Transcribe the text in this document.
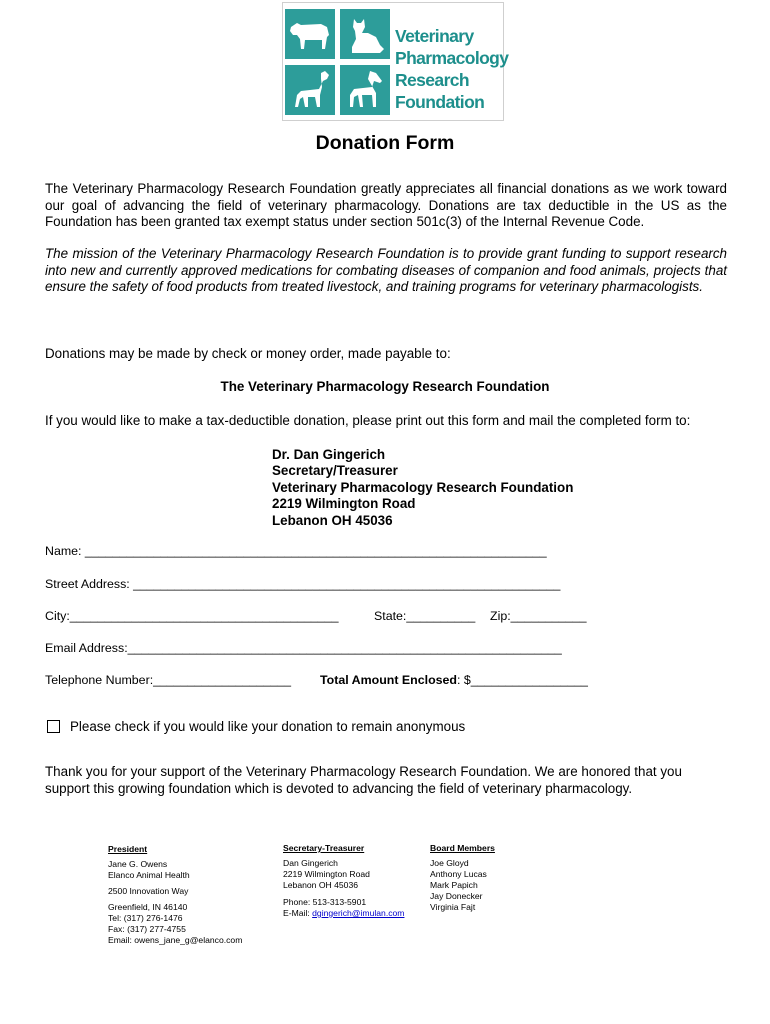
Veterinary
Pharmacology
Research
Foundation
Donation Form
The Veterinary Pharmacology Research Foundation greatly appreciates all financial donations as we work toward our goal of advancing the field of veterinary pharmacology. Donations are tax deductible in the US as the Foundation has been granted tax exempt status under section 501c(3) of the Internal Revenue Code.
The mission of the Veterinary Pharmacology Research Foundation is to provide grant funding to support research into new and currently approved medications for combating diseases of companion and food animals, projects that ensure the safety of food products from treated livestock, and training programs for veterinary pharmacologists.
Donations may be made by check or money order, made payable to:
The Veterinary Pharmacology Research Foundation
If you would like to make a tax-deductible donation, please print out this form and mail the completed form to:
Dr. Dan Gingerich
Secretary/Treasurer
Veterinary Pharmacology Research Foundation
2219 Wilmington Road
Lebanon OH 45036
Name: ___________________________________________________________________
Street Address: ______________________________________________________________
City:_______________________________________	State:__________ Zip:___________
Email Address:_______________________________________________________________
Telephone Number:____________________ Total Amount Enclosed: $_________________
Please check if you would like your donation to remain anonymous
Thank you for your support of the Veterinary Pharmacology Research Foundation. We are honored that you support this growing foundation which is devoted to advancing the field of veterinary pharmacology.
President
Jane G. Owens
Elanco Animal Health
2500 Innovation Way
Greenfield, IN 46140
Tel: (317) 276-1476
Fax: (317) 277-4755
Email: owens_jane_g@elanco.com
Secretary-Treasurer
Dan Gingerich
2219 Wilmington Road
Lebanon OH 45036
Phone: 513-313-5901
E-Mail: dgingerich@imulan.com
Board Members
Joe Gloyd
Anthony Lucas
Mark Papich
Jay Donecker
Virginia Fajt
